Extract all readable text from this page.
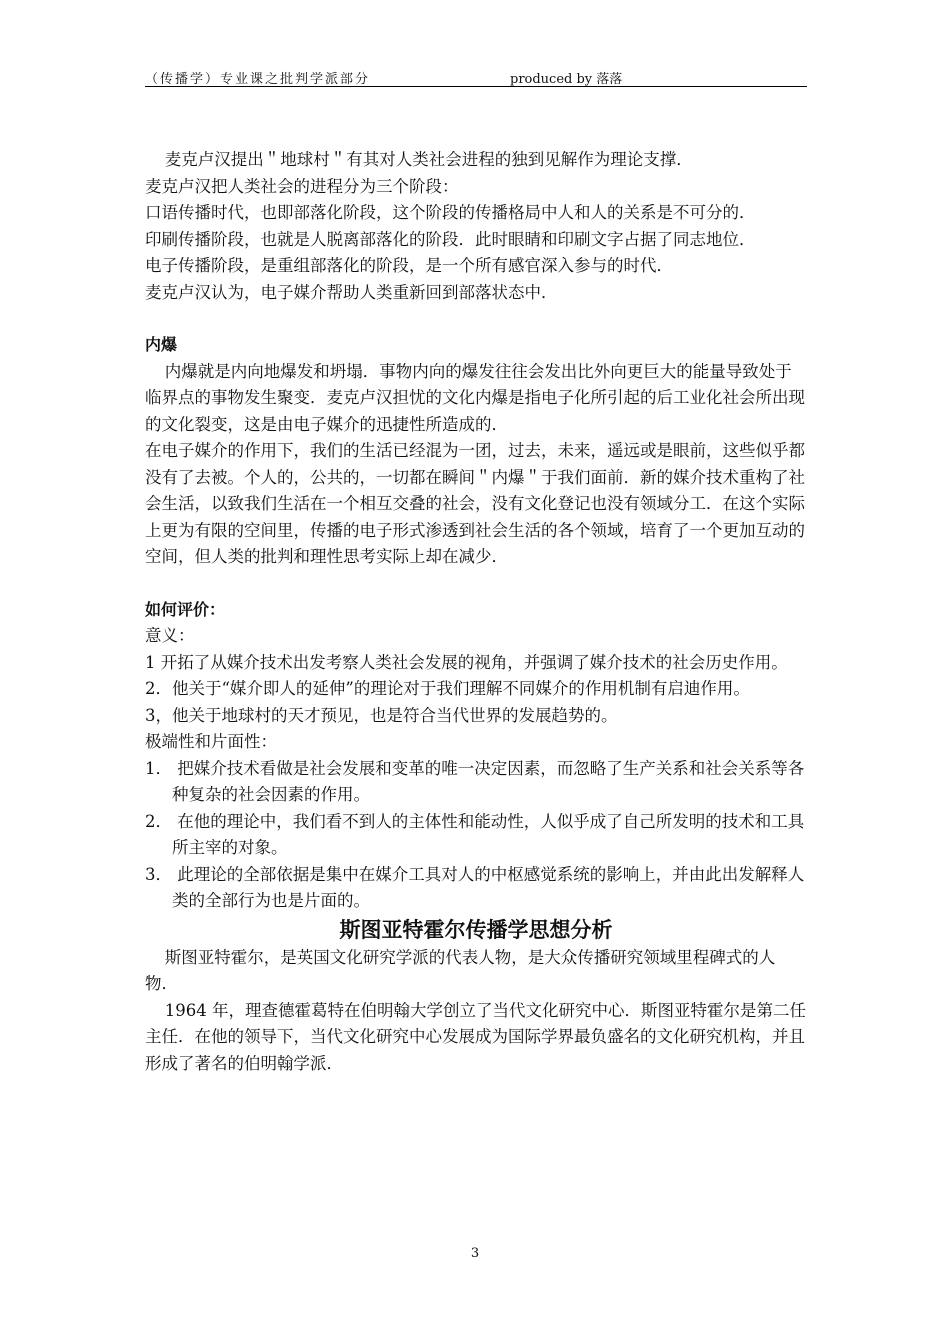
（传播学）专业课之批判学派部分	produced by 落落

麦克卢汉提出＂地球村＂有其对人类社会进程的独到见解作为理论支撑．

麦克卢汉把人类社会的进程分为三个阶段：

口语传播时代，也即部落化阶段，这个阶段的传播格局中人和人的关系是不可分的．

印刷传播阶段，也就是人脱离部落化的阶段．此时眼睛和印刷文字占据了同志地位．

电子传播阶段，是重组部落化的阶段，是一个所有感官深入参与的时代．

麦克卢汉认为，电子媒介帮助人类重新回到部落状态中．

内爆

内爆就是内向地爆发和坍塌．事物内向的爆发往往会发出比外向更巨大的能量导致处于临界点的事物发生聚变．麦克卢汉担忧的文化内爆是指电子化所引起的后工业化社会所出现的文化裂变，这是由电子媒介的迅捷性所造成的．

在电子媒介的作用下，我们的生活已经混为一团，过去，未来，遥远或是眼前，这些似乎都没有了去被。个人的，公共的，一切都在瞬间＂内爆＂于我们面前．新的媒介技术重构了社会生活，以致我们生活在一个相互交叠的社会，没有文化登记也没有领域分工．在这个实际上更为有限的空间里，传播的电子形式渗透到社会生活的各个领域，培育了一个更加互动的空间，但人类的批判和理性思考实际上却在减少．

如何评价：

意义：

1 开拓了从媒介技术出发考察人类社会发展的视角，并强调了媒介技术的社会历史作用。

2．他关于“媒介即人的延伸”的理论对于我们理解不同媒介的作用机制有启迪作用。

3，他关于地球村的天才预见，也是符合当代世界的发展趋势的。

极端性和片面性：

1． 把媒介技术看做是社会发展和变革的唯一决定因素，而忽略了生产关系和社会关系等各种复杂的社会因素的作用。

2． 在他的理论中，我们看不到人的主体性和能动性，人似乎成了自己所发明的技术和工具所主宰的对象。

3． 此理论的全部依据是集中在媒介工具对人的中枢感觉系统的影响上，并由此出发解释人类的全部行为也是片面的。

斯图亚特霍尔传播学思想分析

斯图亚特霍尔，是英国文化研究学派的代表人物，是大众传播研究领域里程碑式的人物．

1964 年，理查德霍葛特在伯明翰大学创立了当代文化研究中心．斯图亚特霍尔是第二任主任．在他的领导下，当代文化研究中心发展成为国际学界最负盛名的文化研究机构，并且形成了著名的伯明翰学派．

3
